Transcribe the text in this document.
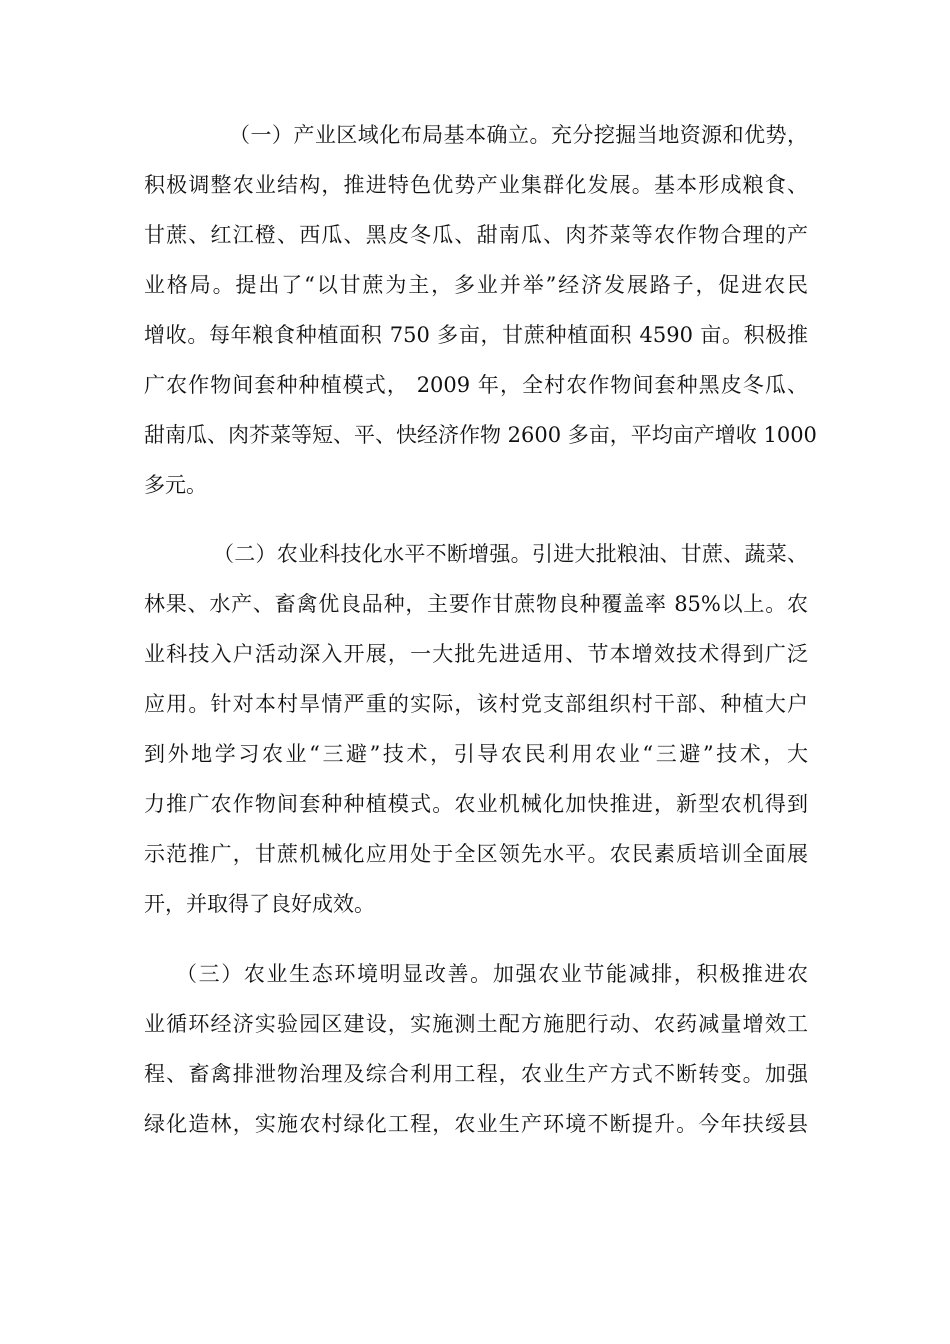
（一）产业区域化布局基本确立。充分挖掘当地资源和优势，
积极调整农业结构，推进特色优势产业集群化发展。基本形成粮食、
甘蔗、红江橙、西瓜、黑皮冬瓜、甜南瓜、肉芥菜等农作物合理的产
业格局。提出了“以甘蔗为主，多业并举”经济发展路子，促进农民
增收。每年粮食种植面积 750 多亩，甘蔗种植面积 4590 亩。积极推
广农作物间套种种植模式， 2009 年，全村农作物间套种黑皮冬瓜、
甜南瓜、肉芥菜等短、平、快经济作物 2600 多亩，平均亩产增收 1000
多元。
（二）农业科技化水平不断增强。引进大批粮油、甘蔗、蔬菜、
林果、水产、畜禽优良品种，主要作甘蔗物良种覆盖率 85%以上。农
业科技入户活动深入开展，一大批先进适用、节本增效技术得到广泛
应用。针对本村旱情严重的实际，该村党支部组织村干部、种植大户
到外地学习农业“三避”技术，引导农民利用农业“三避”技术，大
力推广农作物间套种种植模式。农业机械化加快推进，新型农机得到
示范推广，甘蔗机械化应用处于全区领先水平。农民素质培训全面展
开，并取得了良好成效。
（三）农业生态环境明显改善。加强农业节能减排，积极推进农
业循环经济实验园区建设，实施测土配方施肥行动、农药减量增效工
程、畜禽排泄物治理及综合利用工程，农业生产方式不断转变。加强
绿化造林，实施农村绿化工程，农业生产环境不断提升。今年扶绥县
